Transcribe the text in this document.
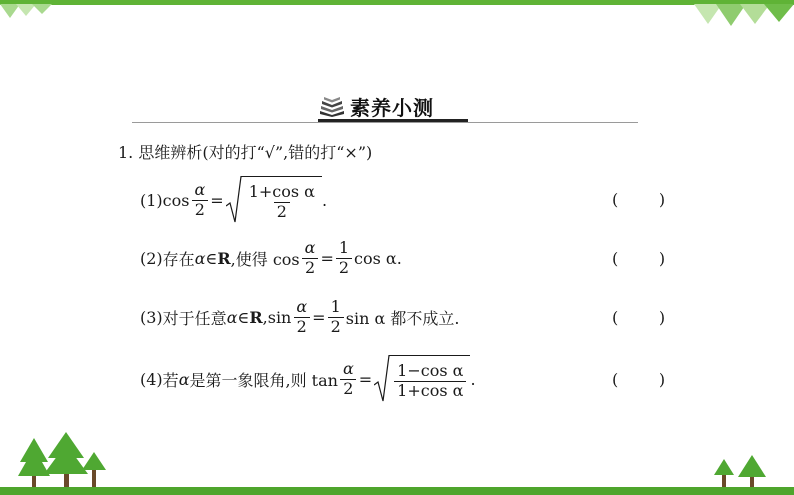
素养小测
1. 思维辨析(对的打“√”,错的打“×”)
(1) $\cos \frac{\alpha}{2} = \frac{\text{1+cos α}}{2}$ .	(        )
(2) 存在 α ∈ R ,使得 $\cos \frac{\alpha}{2} = \frac{1}{2}$ cos α.	(        )
(3) 对于任意 α ∈ R $,\sin \frac{\alpha}{2} = \frac{1}{2}$ sin α 都不成立.	(        )
(4) 若 α 是第一象限角,则 $\tan \frac{\alpha}{2} = \frac{\text{1−cos α}}{\text{1+cos α}}$ .	(        )
